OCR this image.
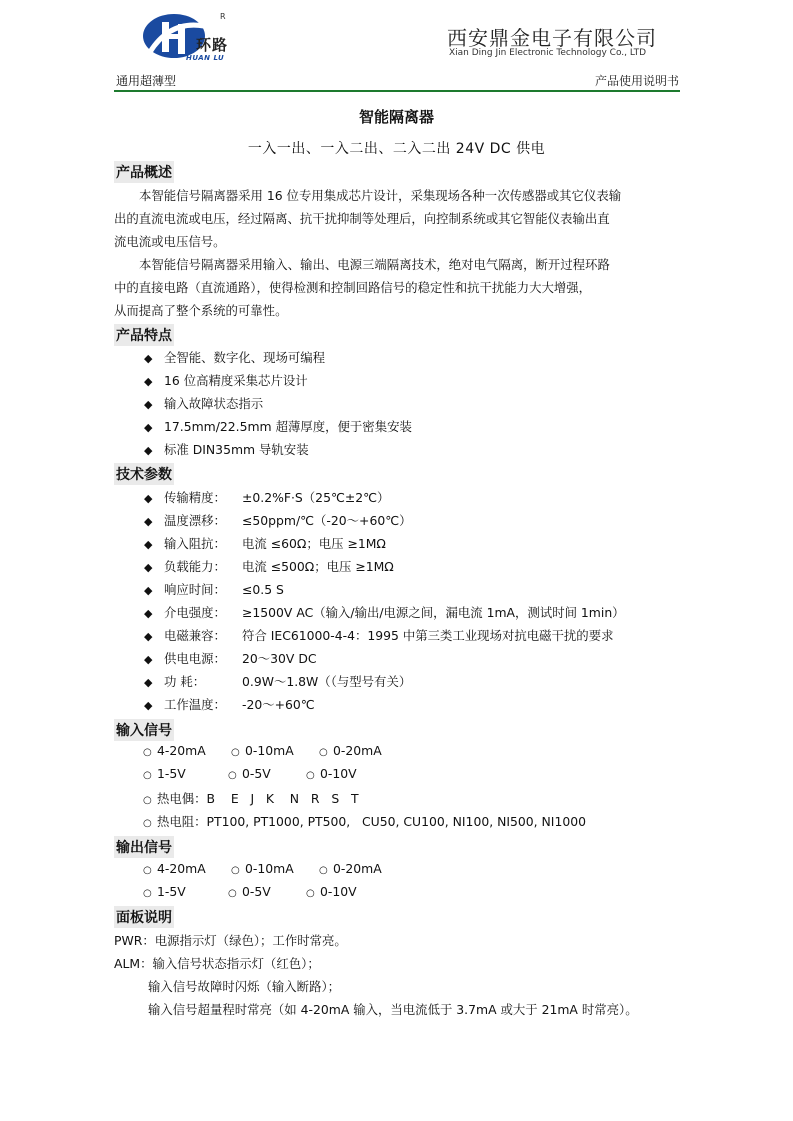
R
环路
HUAN LU
西安鼎金电子有限公司
Xian Ding Jin Electronic Technology Co., LTD
通用超薄型	产品使用说明书
智能隔离器
一入一出、一入二出、二入二出 24V DC 供电
产品概述
本智能信号隔离器采用 16 位专用集成芯片设计，采集现场各种一次传感器或其它仪表输
出的直流电流或电压，经过隔离、抗干扰抑制等处理后，向控制系统或其它智能仪表输出直
流电流或电压信号。
本智能信号隔离器采用输入、输出、电源三端隔离技术，绝对电气隔离，断开过程环路
中的直接电路（直流通路），使得检测和控制回路信号的稳定性和抗干扰能力大大增强，
从而提高了整个系统的可靠性。
产品特点
◆ 全智能、数字化、现场可编程
◆ 16 位高精度采集芯片设计
◆ 输入故障状态指示
◆ 17.5mm/22.5mm 超薄厚度，便于密集安装
◆ 标准 DIN35mm 导轨安装
技术参数
◆ 传输精度： ±0.2%F·S（25℃±2℃）
◆ 温度漂移： ≤50ppm/℃（-20～+60℃）
◆ 输入阻抗： 电流 ≤60Ω；电压 ≥1MΩ
◆ 负载能力： 电流 ≤500Ω；电压 ≥1MΩ
◆ 响应时间： ≤0.5 S
◆ 介电强度： ≥1500V AC（输入/输出/电源之间，漏电流 1mA，测试时间 1min）
◆ 电磁兼容： 符合 IEC61000-4-4：1995 中第三类工业现场对抗电磁干扰的要求
◆ 供电电源： 20～30V DC
◆ 功 耗：	0.9W～1.8W（（与型号有关）
◆ 工作温度： -20～+60℃
输入信号
○ 4-20mA	○ 0-10mA	○ 0-20mA
○ 1-5V	○ 0-5V	○ 0-10V
○ 热电偶：B    E   J   K    N   R   S   T
○ 热电阻：PT100, PT1000, PT500,   CU50, CU100, NI100, NI500, NI1000
输出信号
○ 4-20mA	○ 0-10mA	○ 0-20mA
○ 1-5V	○ 0-5V	○ 0-10V
面板说明
PWR：电源指示灯（绿色）；工作时常亮。
ALM：输入信号状态指示灯（红色）；
输入信号故障时闪烁（输入断路）；
输入信号超量程时常亮（如 4-20mA 输入，当电流低于 3.7mA 或大于 21mA 时常亮）。
